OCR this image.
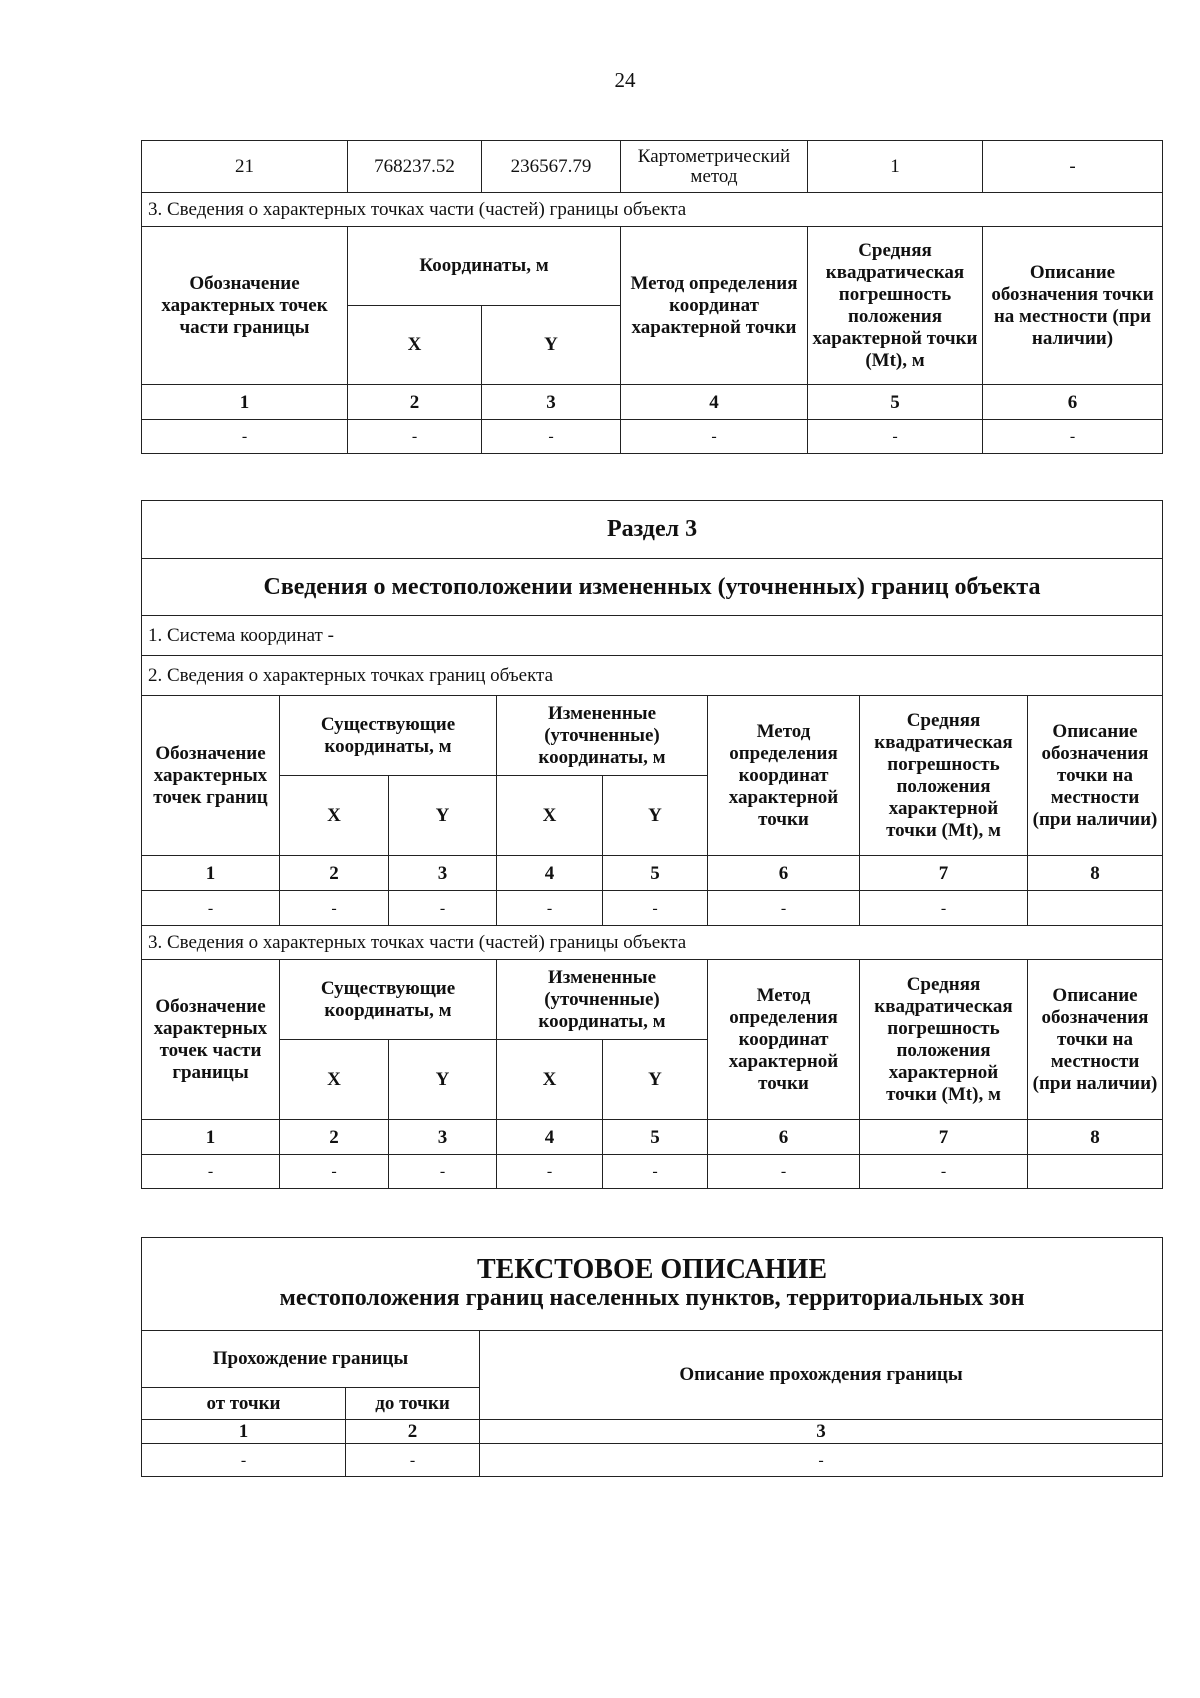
24
21	768237.52	236567.79	Картометрический метод	1	-
3. Сведения о характерных точках части (частей) границы объекта					
Обозначение характерных точек части границы	Координаты, м		Метод определения координат характерной точки	Средняя квадратическая погрешность положения характерной точки (Mt), м	Описание обозначения точки на местности (при наличии)
	X	Y			
1	2	3	4	5	6
-	-	-	-	-	-
Раздел 3							
Сведения о местоположении измененных (уточненных) границ объекта							
1. Система координат -							
2. Сведения о характерных точках границ объекта							
Обозначение характерных точек границ	Существующие координаты, м		Измененные (уточненные) координаты, м		Метод определения координат характерной точки	Средняя квадратическая погрешность положения характерной точки (Mt), м	Описание обозначения точки на местности (при наличии)
	X	Y	X	Y			
1	2	3	4	5	6	7	8
-	-	-	-	-	-	-	
3. Сведения о характерных точках части (частей) границы объекта							
Обозначение характерных точек части границы	Существующие координаты, м		Измененные (уточненные) координаты, м		Метод определения координат характерной точки	Средняя квадратическая погрешность положения характерной точки (Mt), м	Описание обозначения точки на местности (при наличии)
	X	Y	X	Y			
1	2	3	4	5	6	7	8
-	-	-	-	-	-	-	
ТЕКСТОВОЕ ОПИСАНИЕ
местоположения границ населенных пунктов, территориальных зон		

Прохождение границы		Описание прохождения границы
от точки	до точки	
1	2	3
-	-	-
